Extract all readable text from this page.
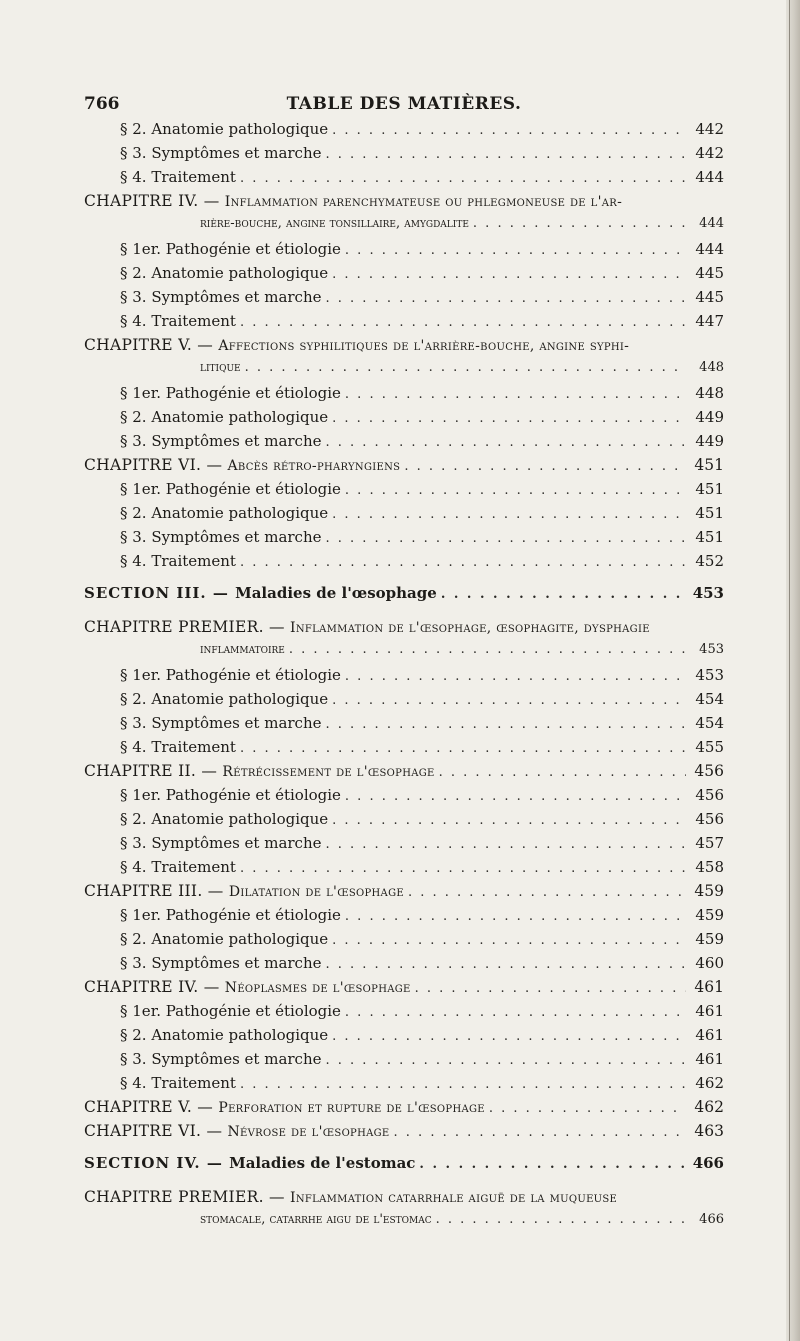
766	TABLE DES MATIÈRES.
§ 2. Anatomie pathologique . . .	442
§ 3. Symptômes et marche . . .	442
§ 4. Traitement . . .	444
CHAPITRE IV. — Inflammation parenchymateuse ou phlegmoneuse de l'ar-
rière-bouche, angine tonsillaire, amygdalite . . .	444
§ 1er. Pathogénie et étiologie . . .	444
§ 2. Anatomie pathologique . . .	445
§ 3. Symptômes et marche . . .	445
§ 4. Traitement . . .	447
CHAPITRE V. — Affections syphilitiques de l'arrière-bouche, angine syphi-
litique . . .	448
§ 1er. Pathogénie et étiologie . . .	448
§ 2. Anatomie pathologique . . .	449
§ 3. Symptômes et marche . . .	449
CHAPITRE VI. — Abcès rétro-pharyngiens . . .	451
§ 1er. Pathogénie et étiologie . . .	451
§ 2. Anatomie pathologique . . .	451
§ 3. Symptômes et marche . . .	451
§ 4. Traitement . . .	452
SECTION III. — Maladies de l'œsophage . . .	453
CHAPITRE PREMIER. — Inflammation de l'œsophage, œsophagite, dysphagie
inflammatoire . . .	453
§ 1er. Pathogénie et étiologie . . .	453
§ 2. Anatomie pathologique . . .	454
§ 3. Symptômes et marche . . .	454
§ 4. Traitement . . .	455
CHAPITRE II. — Rétrécissement de l'œsophage . . .	456
§ 1er. Pathogénie et étiologie . . .	456
§ 2. Anatomie pathologique . . .	456
§ 3. Symptômes et marche . . .	457
§ 4. Traitement . . .	458
CHAPITRE III. — Dilatation de l'œsophage . . .	459
§ 1er. Pathogénie et étiologie . . .	459
§ 2. Anatomie pathologique . . .	459
§ 3. Symptômes et marche . . .	460
CHAPITRE IV. — Néoplasmes de l'œsophage . . .	461
§ 1er. Pathogénie et étiologie . . .	461
§ 2. Anatomie pathologique . . .	461
§ 3. Symptômes et marche . . .	461
§ 4. Traitement . . .	462
CHAPITRE V. — Perforation et rupture de l'œsophage . . .	462
CHAPITRE VI. — Névrose de l'œsophage . . .	463
SECTION IV. — Maladies de l'estomac . . .	466
CHAPITRE PREMIER. — Inflammation catarrhale aiguë de la muqueuse
stomacale, catarrhe aigu de l'estomac . . .	466
